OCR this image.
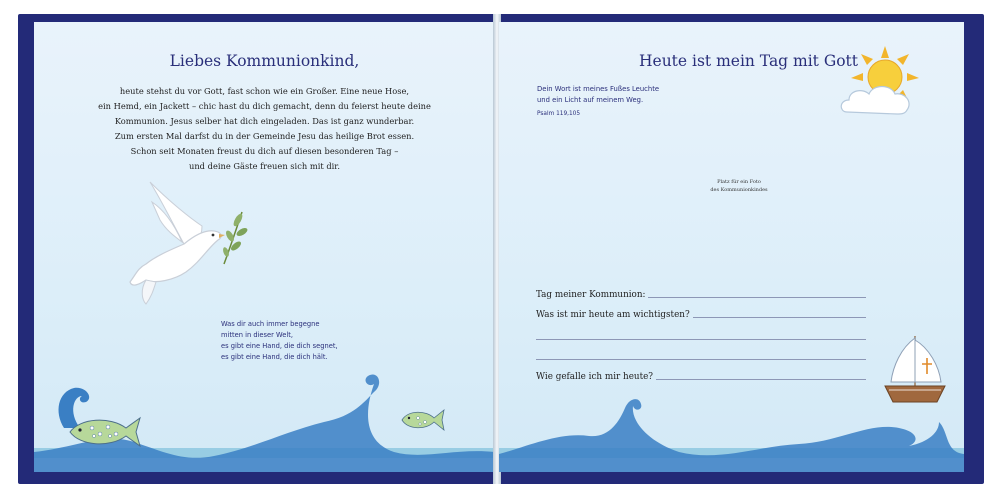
Liebes Kommunionkind,
heute stehst du vor Gott, fast schon wie ein Großer. Eine neue Hose,
ein Hemd, ein Jackett – chic hast du dich gemacht, denn du feierst heute deine
Kommunion. Jesus selber hat dich eingeladen. Das ist ganz wunderbar.
Zum ersten Mal darfst du in der Gemeinde Jesu das heilige Brot essen.
Schon seit Monaten freust du dich auf diesen besonderen Tag –
und deine Gäste freuen sich mit dir.
Was dir auch immer begegne
mitten in dieser Welt,
es gibt eine Hand, die dich segnet,
es gibt eine Hand, die dich hält.
Heute ist mein Tag mit Gott
Dein Wort ist meines Fußes Leuchte
und ein Licht auf meinem Weg.
Psalm 119,105
Platz für ein Foto
des Kommunionkindes
Tag meiner Kommunion:
Was ist mir heute am wichtigsten?
Wie gefalle ich mir heute?
